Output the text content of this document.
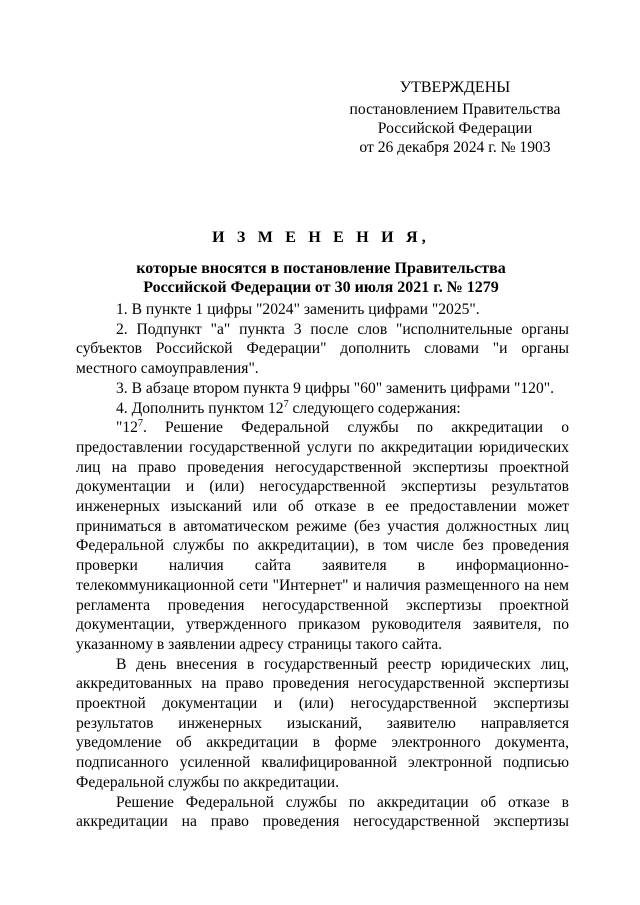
УТВЕРЖДЕНЫ
постановлением Правительства
Российской Федерации
от 26 декабря 2024 г. № 1903
И З М Е Н Е Н И Я,
которые вносятся в постановление Правительства
Российской Федерации от 30 июля 2021 г. № 1279

1. В пункте 1 цифры "2024" заменить цифрами "2025".

2. Подпункт "а" пункта 3 после слов "исполнительные органы субъектов Российской Федерации" дополнить словами "и органы местного самоуправления".

3. В абзаце втором пункта 9 цифры "60" заменить цифрами "120".

4. Дополнить пунктом $12^7$ следующего содержания:

"$12^7$. Решение Федеральной службы по аккредитации о предоставлении государственной услуги по аккредитации юридических лиц на право проведения негосударственной экспертизы проектной документации и (или) негосударственной экспертизы результатов инженерных изысканий или об отказе в ее предоставлении может приниматься в автоматическом режиме (без участия должностных лиц Федеральной службы по аккредитации), в том числе без проведения проверки наличия сайта заявителя в информационно-телекоммуникационной сети "Интернет" и наличия размещенного на нем регламента проведения негосударственной экспертизы проектной документации, утвержденного приказом руководителя заявителя, по указанному в заявлении адресу страницы такого сайта.

В день внесения в государственный реестр юридических лиц, аккредитованных на право проведения негосударственной экспертизы проектной документации и (или) негосударственной экспертизы результатов инженерных изысканий, заявителю направляется уведомление об аккредитации в форме электронного документа, подписанного усиленной квалифицированной электронной подписью Федеральной службы по аккредитации.

Решение Федеральной службы по аккредитации об отказе в аккредитации на право проведения негосударственной экспертизы
